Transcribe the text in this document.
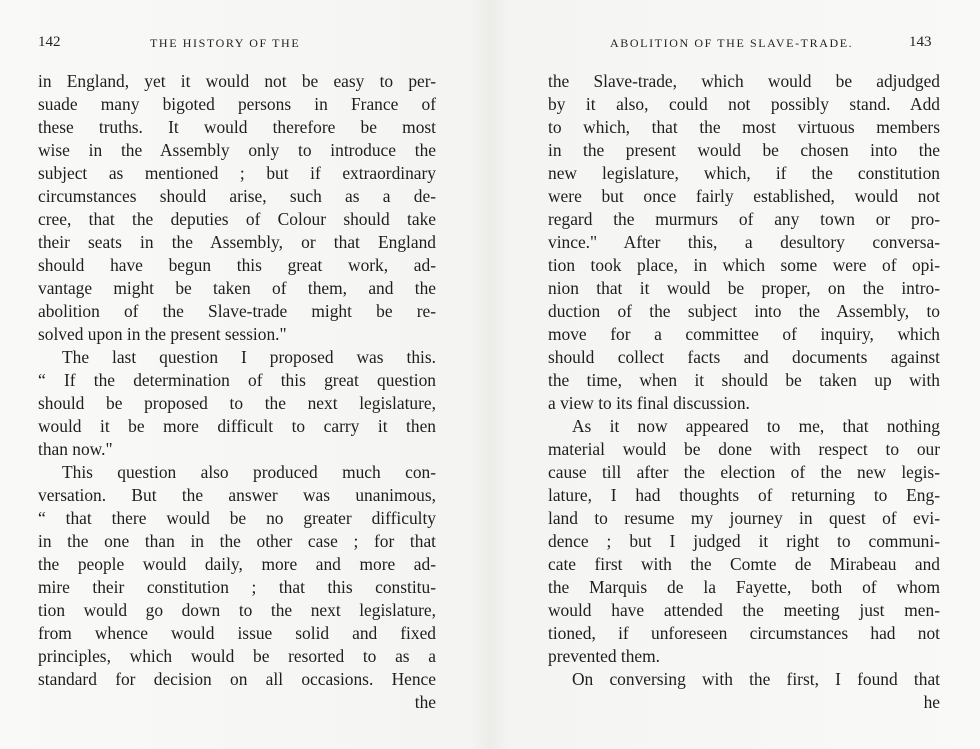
142	THE HISTORY OF THE
in England, yet it would not be easy to per-
suade many bigoted persons in France of
these truths. It would therefore be most
wise in the Assembly only to introduce the
subject as mentioned ; but if extraordinary
circumstances should arise, such as a de-
cree, that the deputies of Colour should take
their seats in the Assembly, or that England
should have begun this great work, ad-
vantage might be taken of them, and the
abolition of the Slave-trade might be re-
solved upon in the present session."
The last question I proposed was this.
“ If the determination of this great question
should be proposed to the next legislature,
would it be more difficult to carry it then
than now."
This question also produced much con-
versation. But the answer was unanimous,
“ that there would be no greater difficulty
in the one than in the other case ; for that
the people would daily, more and more ad-
mire their constitution ; that this constitu-
tion would go down to the next legislature,
from whence would issue solid and fixed
principles, which would be resorted to as a
standard for decision on all occasions. Hence
the
ABOLITION OF THE SLAVE-TRADE.	143
the Slave-trade, which would be adjudged
by it also, could not possibly stand. Add
to which, that the most virtuous members
in the present would be chosen into the
new legislature, which, if the constitution
were but once fairly established, would not
regard the murmurs of any town or pro-
vince." After this, a desultory conversa-
tion took place, in which some were of opi-
nion that it would be proper, on the intro-
duction of the subject into the Assembly, to
move for a committee of inquiry, which
should collect facts and documents against
the time, when it should be taken up with
a view to its final discussion.
As it now appeared to me, that nothing
material would be done with respect to our
cause till after the election of the new legis-
lature, I had thoughts of returning to Eng-
land to resume my journey in quest of evi-
dence ; but I judged it right to communi-
cate first with the Comte de Mirabeau and
the Marquis de la Fayette, both of whom
would have attended the meeting just men-
tioned, if unforeseen circumstances had not
prevented them.
On conversing with the first, I found that
he
